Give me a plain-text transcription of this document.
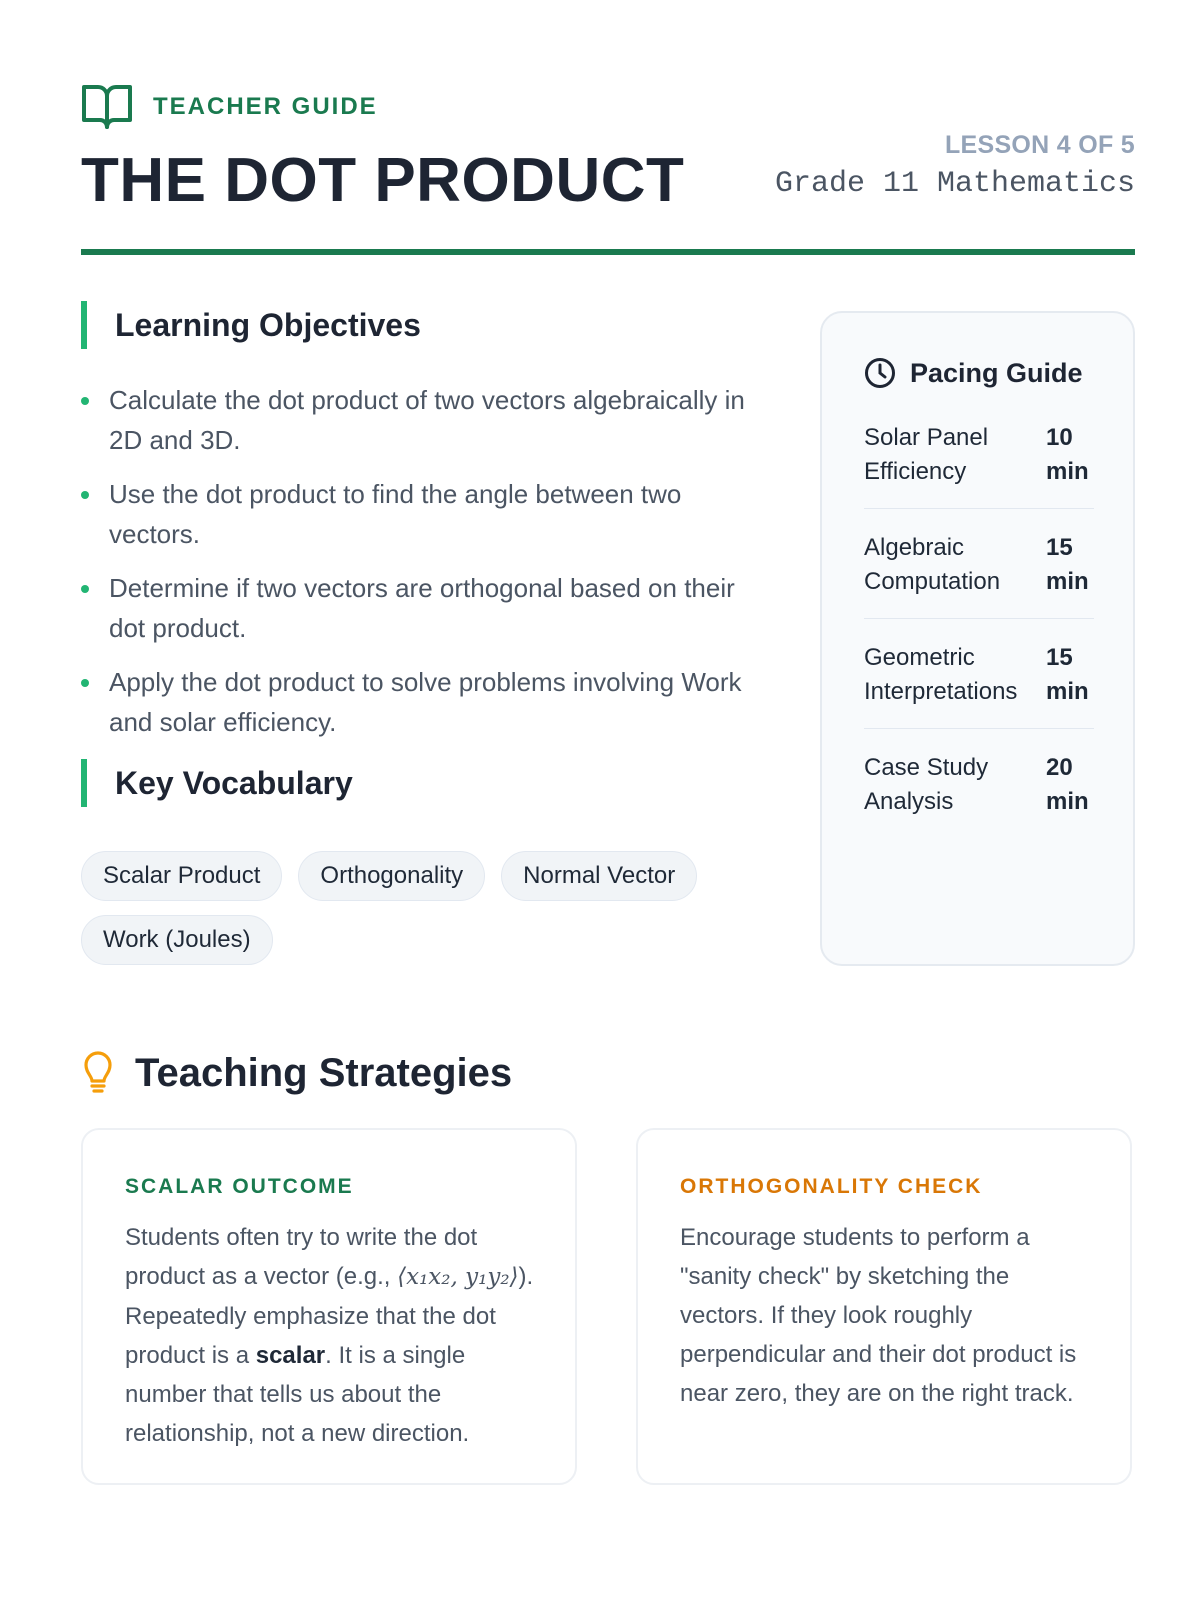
TEACHER GUIDE
THE DOT PRODUCT
LESSON 4 OF 5
Grade 11 Mathematics
Learning Objectives
Calculate the dot product of two vectors algebraically in 2D and 3D.
Use the dot product to find the angle between two vectors.
Determine if two vectors are orthogonal based on their dot product.
Apply the dot product to solve problems involving Work and solar efficiency.
Key Vocabulary
Scalar Product	Orthogonality	Normal Vector
Work (Joules)
Pacing Guide
Solar Panel Efficiency
10 min
Algebraic Computation
15 min
Geometric Interpretations
15 min
Case Study Analysis
20 min
Teaching Strategies
SCALAR OUTCOME

Students often try to write the dot product as a vector (e.g., ⟨x₁x₂, y₁y₂⟩). Repeatedly emphasize that the dot product is a scalar. It is a single number that tells us about the relationship, not a new direction.

ORTHOGONALITY CHECK

Encourage students to perform a "sanity check" by sketching the vectors. If they look roughly perpendicular and their dot product is near zero, they are on the right track.
